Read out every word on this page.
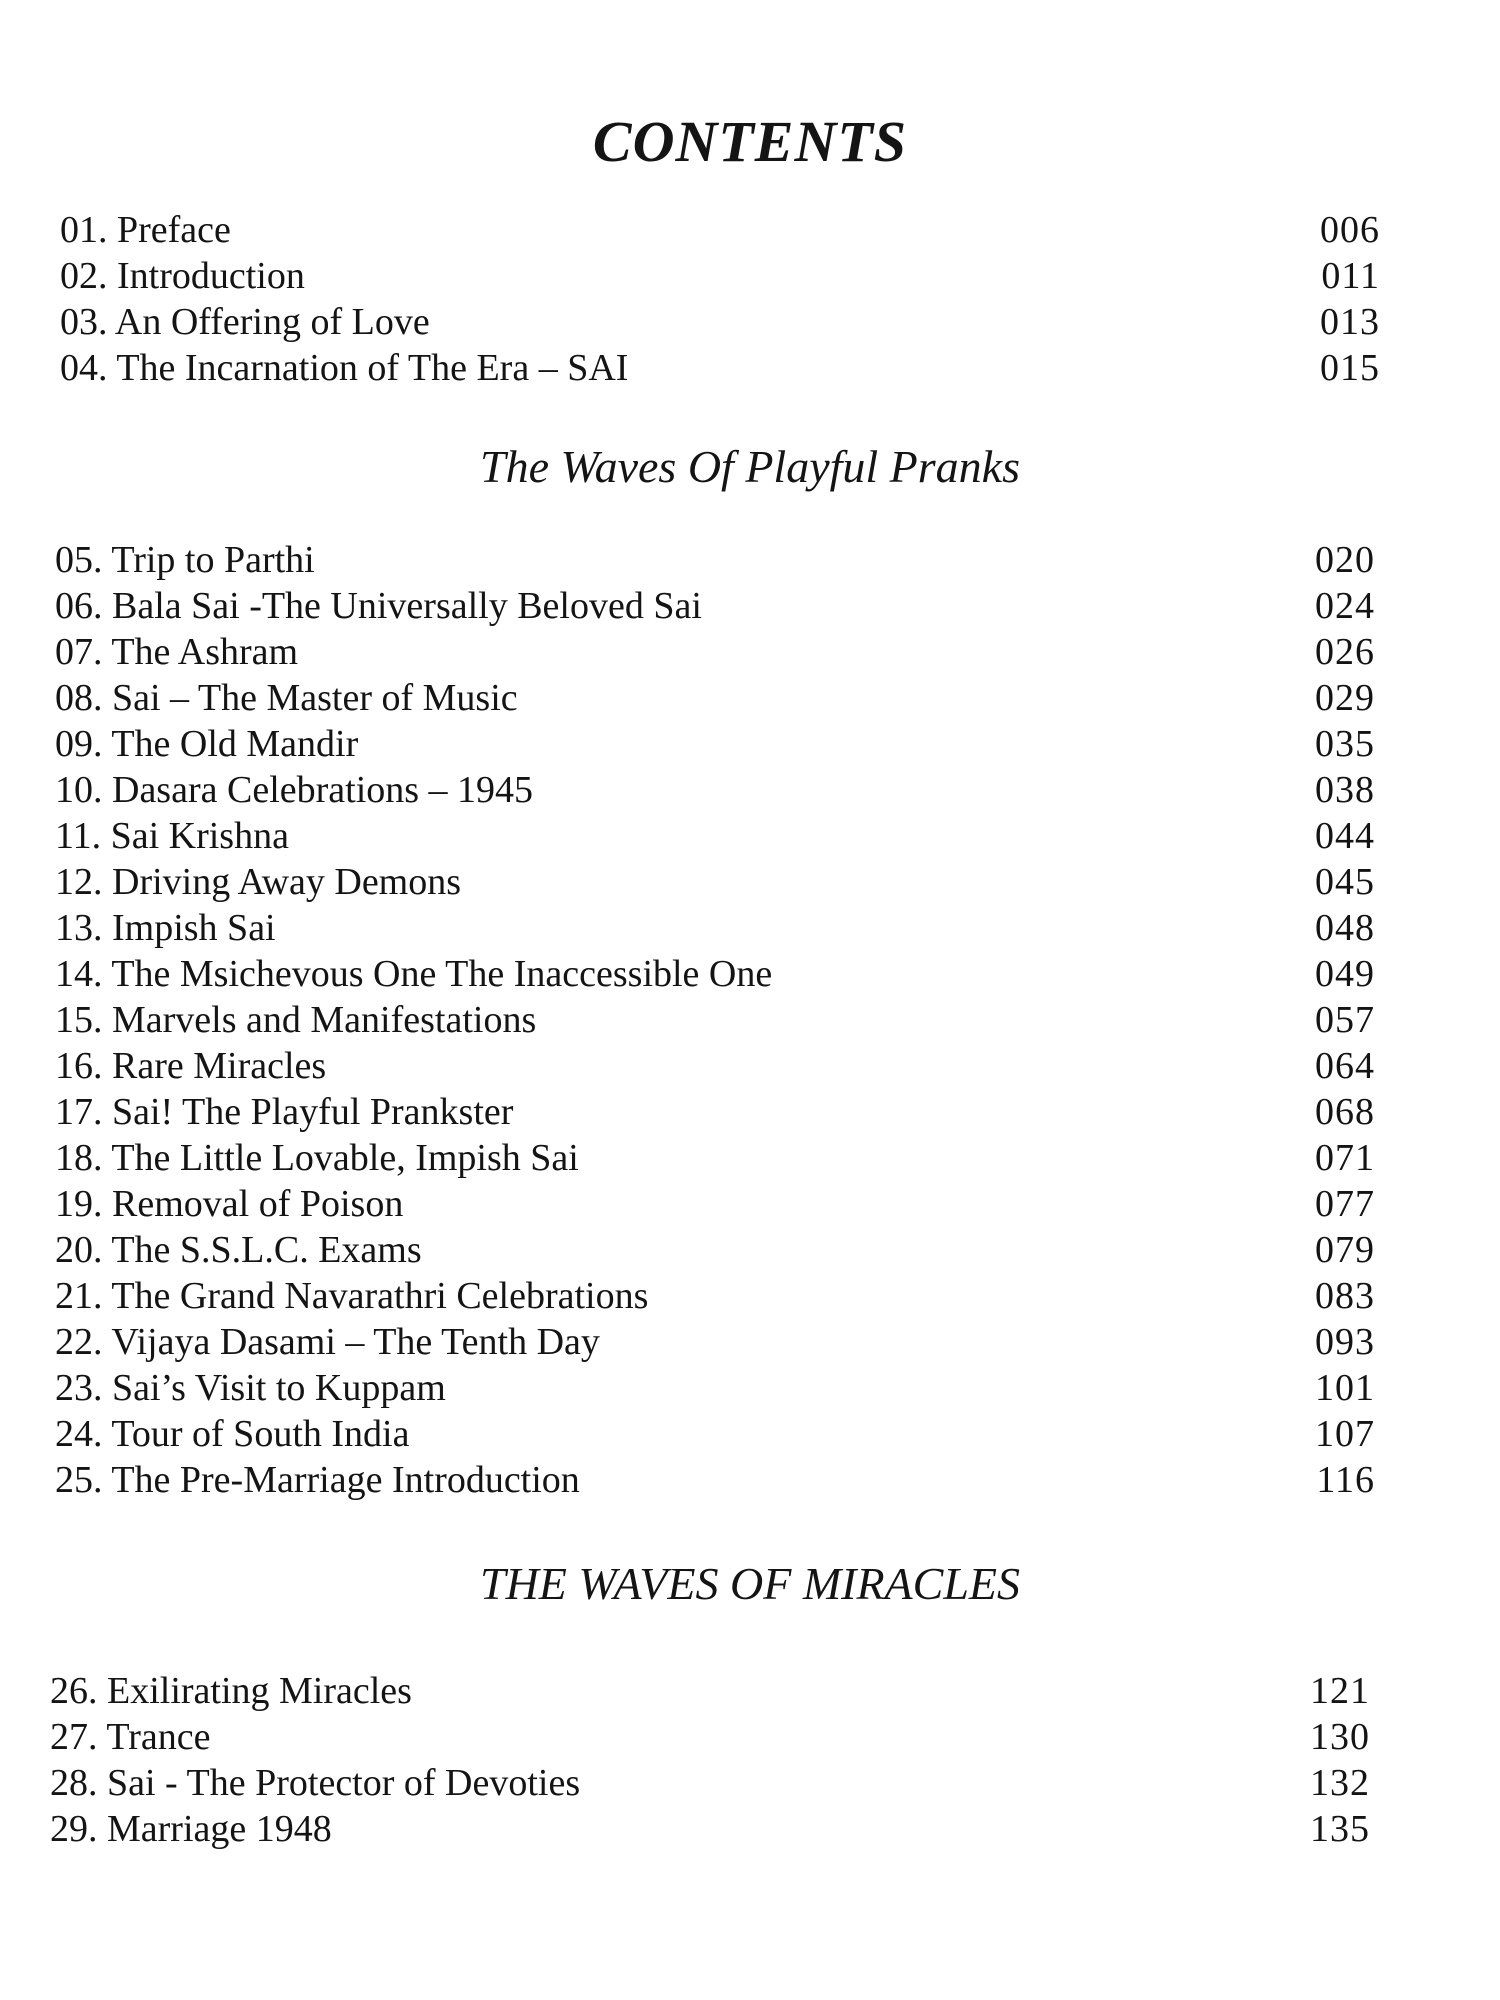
CONTENTS
01. Preface	006
02. Introduction	011
03. An Offering of Love	013
04. The Incarnation of The Era – SAI	015
The Waves Of Playful Pranks
05. Trip to Parthi	020
06. Bala Sai -The Universally Beloved Sai	024
07. The Ashram	026
08. Sai – The Master of Music	029
09. The Old Mandir	035
10. Dasara Celebrations – 1945	038
11. Sai Krishna	044
12. Driving Away Demons	045
13. Impish Sai	048
14. The Msichevous One The Inaccessible One	049
15. Marvels and Manifestations	057
16. Rare Miracles	064
17. Sai! The Playful Prankster	068
18. The Little Lovable, Impish Sai	071
19. Removal of Poison	077
20. The S.S.L.C. Exams	079
21. The Grand Navarathri Celebrations	083
22. Vijaya Dasami – The Tenth Day	093
23. Sai’s Visit to Kuppam	101
24. Tour of South India	107
25. The Pre-Marriage Introduction	116
THE WAVES OF MIRACLES
26. Exilirating Miracles	121
27. Trance	130
28. Sai - The Protector of Devoties	132
29. Marriage 1948	135
